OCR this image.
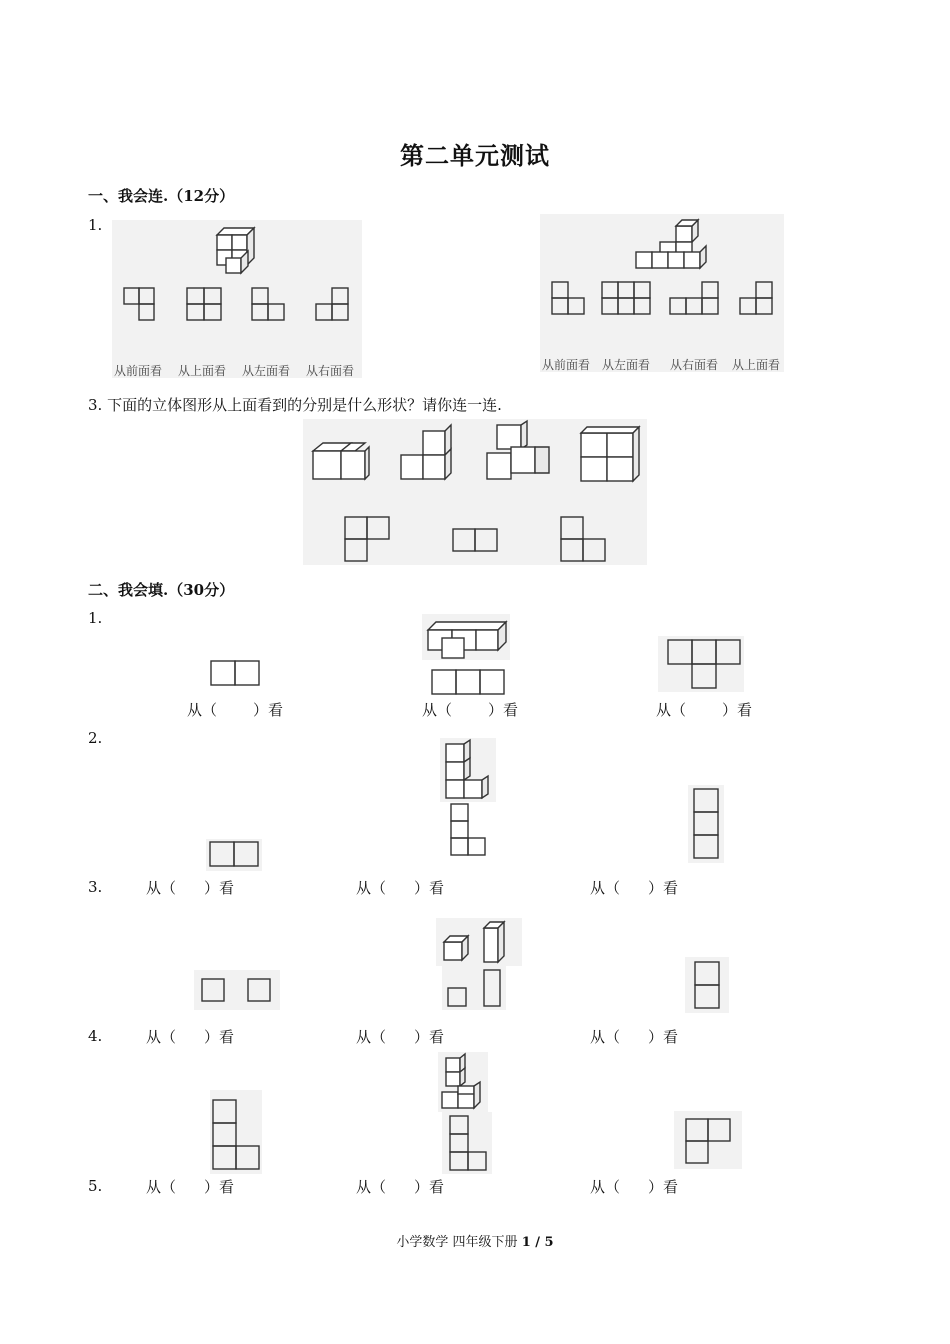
第二单元测试
一、我会连.（12分）
1.
从前面看 从上面看 从左面看 从右面看	从前面看 从左面看 从右面看 从上面看
3. 下面的立体图形从上面看到的分别是什么形状？请你连一连.
二、我会填.（30分）
1.
从（ ）看	从（ ）看	从（ ）看
2.
3.	从（ ）看	从（ ）看	从（ ）看
4.	从（ ）看	从（ ）看	从（ ）看
5.	从（ ）看	从（ ）看	从（ ）看
小学数学 四年级下册 1 / 5
